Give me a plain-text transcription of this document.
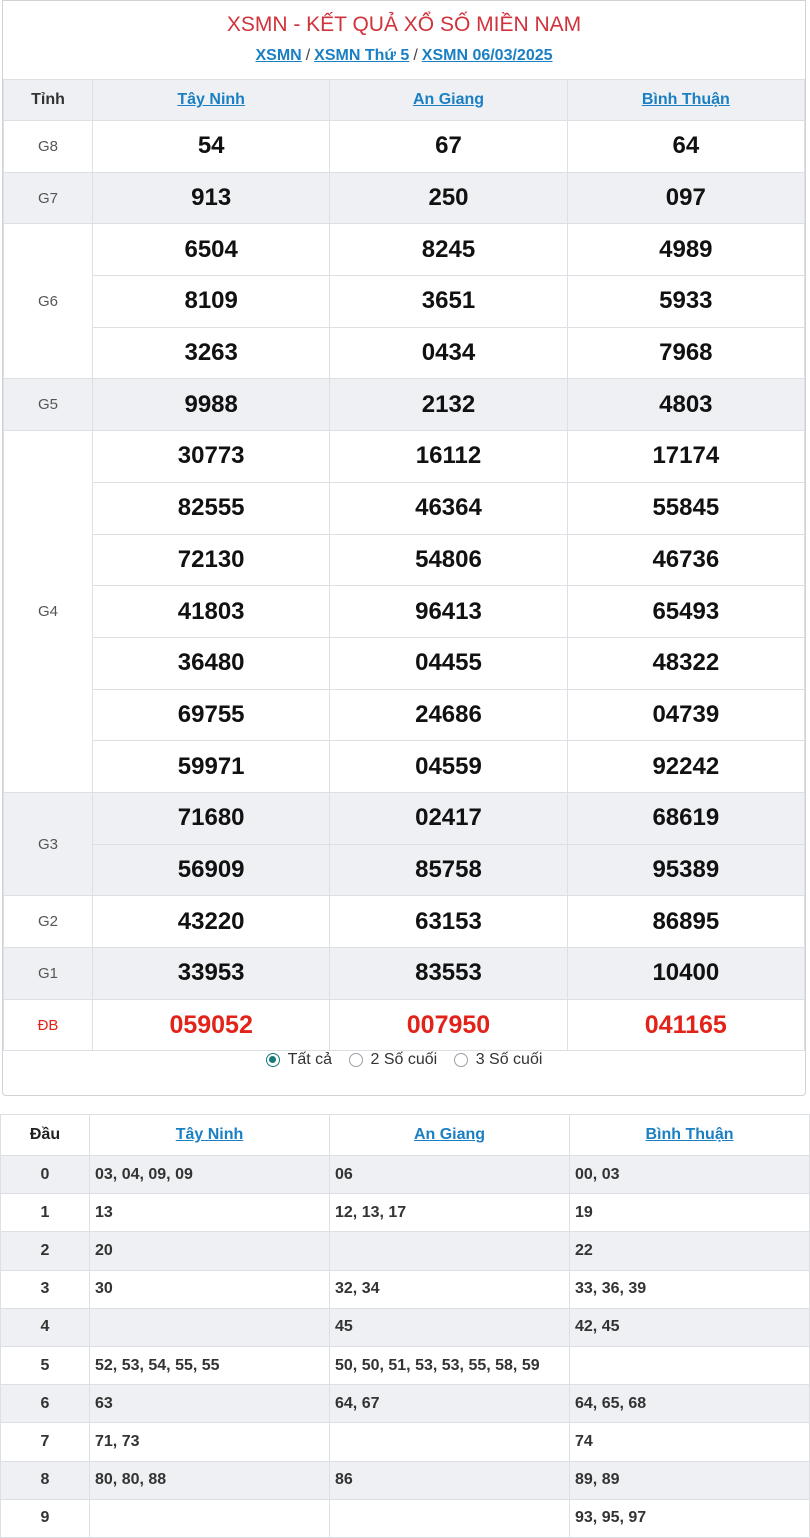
XSMN - KẾT QUẢ XỔ SỐ MIỀN NAM
XSMN / XSMN Thứ 5 / XSMN 06/03/2025
Tỉnh	Tây Ninh	An Giang	Bình Thuận
G8	54	67	64
G7	913	250	097
G6	6504	8245	4989
	8109	3651	5933
	3263	0434	7968
G5	9988	2132	4803
G4	30773	16112	17174
	82555	46364	55845
	72130	54806	46736
	41803	96413	65493
	36480	04455	48322
	69755	24686	04739
	59971	04559	92242
G3	71680	02417	68619
	56909	85758	95389
G2	43220	63153	86895
G1	33953	83553	10400
ĐB	059052	007950	041165
Tất cả
2 Số cuối
3 Số cuối
Đầu	Tây Ninh	An Giang	Bình Thuận
0	03, 04, 09, 09	06	00, 03
1	13	12, 13, 17	19
2	20		22
3	30	32, 34	33, 36, 39
4		45	42, 45
5	52, 53, 54, 55, 55	50, 50, 51, 53, 53, 55, 58, 59	
6	63	64, 67	64, 65, 68
7	71, 73		74
8	80, 80, 88	86	89, 89
9			93, 95, 97
